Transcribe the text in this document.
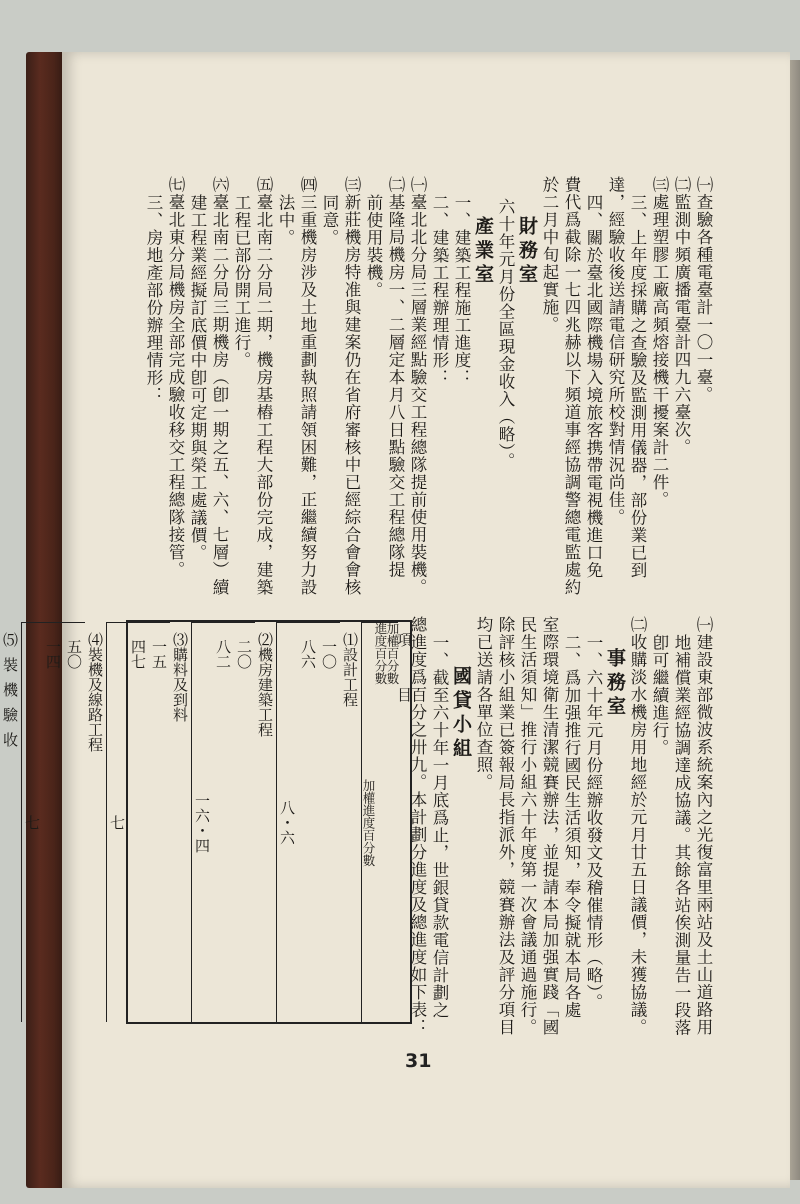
㈠查驗各種電臺計一〇一臺。

㈡監測中頻廣播電臺計四九六臺次。

㈢處理塑膠工廠高頻熔接機干擾案計二件。

三、上年度採購之查驗及監測用儀器，部份業已到

達，經驗收後送請電信研究所校對情況尚佳。

四、關於臺北國際機場入境旅客携帶電視機進口免

費代爲截除一七四兆赫以下頻道事經協調警總電監處約

於二月中旬起實施。

財務室

六十年元月份全區現金收入（略）。

產業室

一、建築工程施工進度：

二、建築工程辦理情形：

㈠臺北北分局三層業經點驗交工程總隊提前使用裝機。

㈡基隆局機房一、二層定本月八日點驗交工程總隊提

前使用裝機。

㈢新莊機房特准與建案仍在省府審核中已經綜合會會核

同意。

㈣三重機房涉及土地重劃執照請領困難，正繼續努力設

法中。

㈤臺北南二分局二期，機房基樁工程大部份完成，建築

工程已部份開工進行。

㈥臺北南二分局三期機房（卽一期之五、六、七層）續

建工程業經擬訂底價中卽可定期與榮工處議價。

㈦臺北東分局機房全部完成驗收移交工程總隊接管。

三、房地產部份辦理情形：

㈠建設東部微波系統案內之光復富里兩站及土山道路用

地補償業經協調達成協議。其餘各站俟測量告一段落

卽可繼續進行。

㈡收購淡水機房用地經於元月廿五日議價，未獲協議。

事務室

一、六十年元月份經辦收發文及稽催情形（略）。

二、爲加强推行國民生活須知，奉令擬就本局各處

室際環境衛生清潔競賽辦法，並提請本局加强實踐「國

民生活須知」推行小組六十年度第一次會議通過施行。

除評核小組業已簽報局長指派外，競賽辦法及評分項目

均已送請各單位查照。

國貸小組

一、截至六十年一月底爲止，世銀貸款電信計劃之

總進度爲百分之卅九。本計劃分進度及總進度如下表：

項目
加權百分數
進度百分數
加權進度百分數
⑴設計工程
一〇
八六
八・六
⑵機房建築工程
二〇
八二
一六・四
⑶購料及到料
一五
四七
七
⑷裝機及線路工程
五〇
一四
七
⑸裝機驗收
31
